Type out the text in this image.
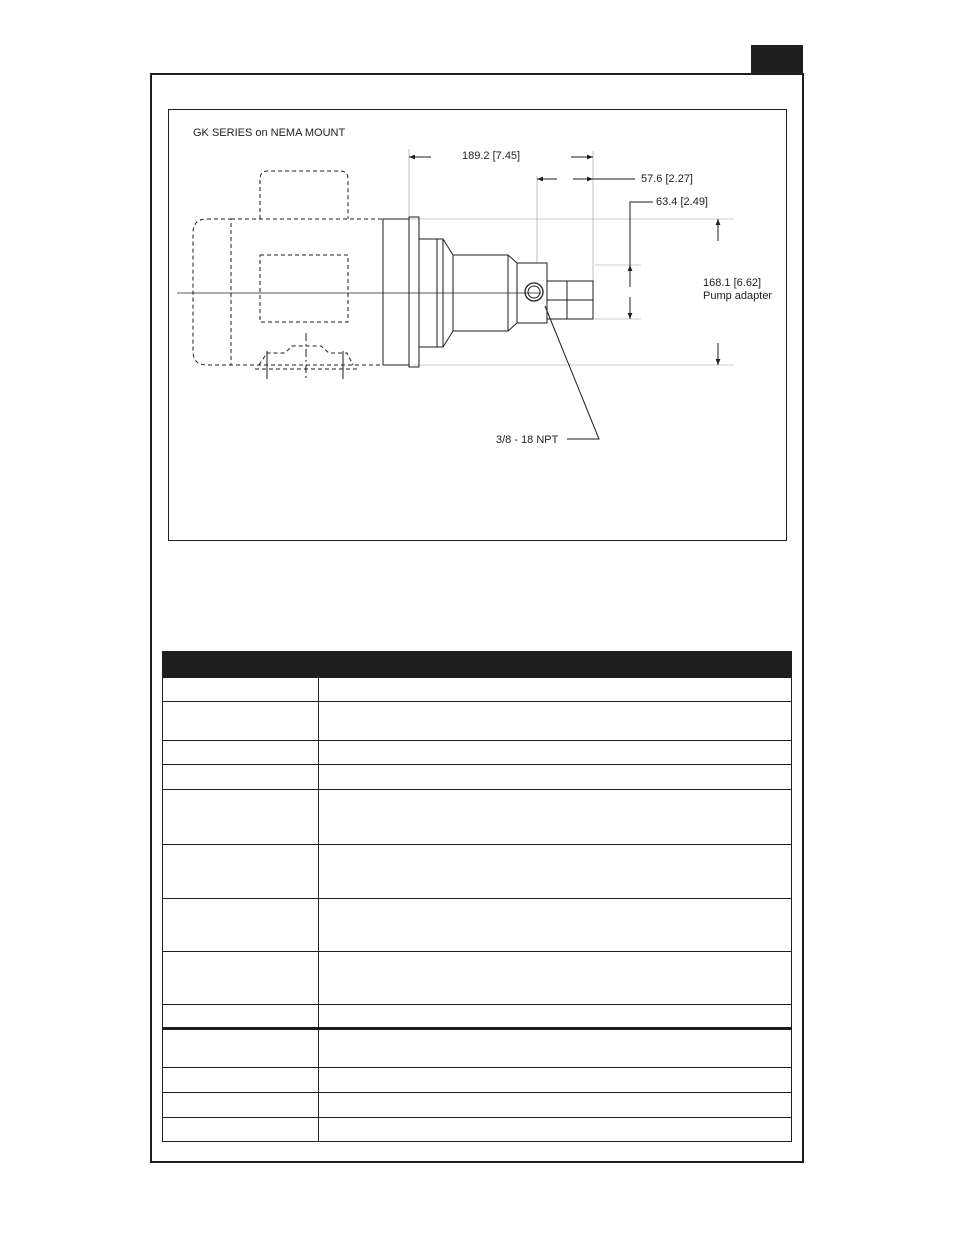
GK SERIES on NEMA MOUNT
189.2 [7.45]
57.6 [2.27]
63.4 [2.49]
168.1 [6.62]
Pump adapter
3/8 - 18 NPT
